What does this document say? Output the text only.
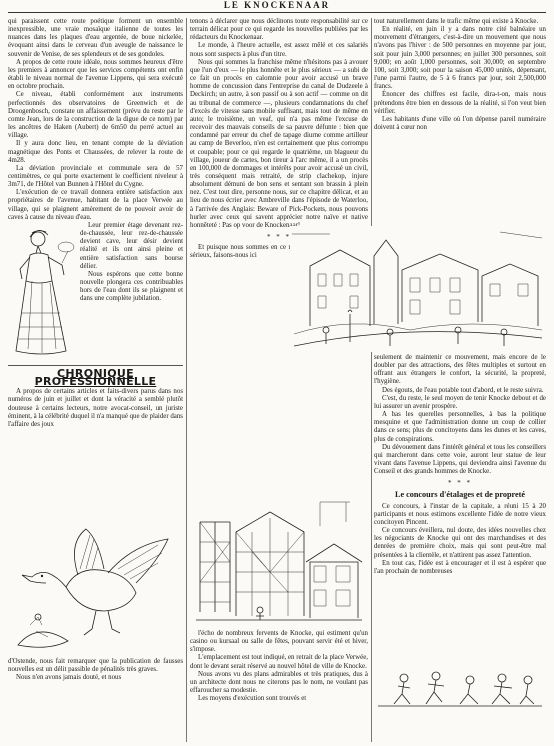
LE KNOCKENAAR

qui paraissent cette route poétique forment un ensemble inexpressible, une vraie mosaïque italienne de toutes les nuances dans les plaques d'eau argentée, de boue nickelée, évoquant ainsi dans le cerveau d'un aveugle de naissance le souvenir de Venise, de ses splendeurs et de ses gondoles.

A propos de cette route idéale, nous sommes heureux d'être les premiers à annoncer que les services compétents ont enfin établi le niveau normal de l'avenue Lippens, qui sera exécuté en octobre prochain.

Ce niveau, établi conformément aux instruments perfectionnés des observatoires de Greenwich et de Droogenbosch, constate un affaissement (prévu du reste par le comte Jean, lors de la construction de la digue de ce nom) par les ancêtres de Haken (Aubert) de 6m50 du perré actuel au village.

Il y aura donc lieu, en tenant compte de la déviation magnétique des Ponts et Chaussées, de relever la route de 4m28.

La déviation provinciale et communale sera de 57 centimètres, ce qui porte exactement le coefficient niveleur à 3m71, de l'Hôtel van Bunnen à l'Hôtel du Cygne.

L'exécution de ce travail donnera entière satisfaction aux propriétaires de l'avenue, habitant de la place Verwée au village, qui se plaignent amèrement de ne pouvoir avoir de caves à cause du niveau d'eau.

Leur premier étage devenant rez-de-chaussée, leur rez-de-chaussée devient cave, leur désir devient réalité et ils ont ainsi pleine et entière satisfaction sans bourse délier.

Nous espérons que cette bonne nouvelle plongera ces contribuables hors de l'eau dont ils se plaignent et dans une complète jubilation.

CHRONIQUE PROFESSIONNELLE

A propos de certains articles et faits-divers parus dans nos numéros de juin et juillet et dont la véracité a semblé plutôt douteuse à certains lecteurs, notre avocat-conseil, un juriste éminent, à la célébrité duquel il n'a manqué que de plaider dans l'affaire des joux

d'Ostende, nous fait remarquer que la publication de fausses nouvelles est un délit passible de pénalités très graves.

Nous n'en avons jamais douté, et nous

tenons à déclarer que nous déclinons toute responsabilité sur ce terrain délicat pour ce qui regarde les nouvelles publiées par les rédacteurs du Knockenaar.

Le monde, à l'heure actuelle, est assez mêlé et ces salariés nous sont suspects à plus d'un titre.

Nous qui sommes la franchise même n'hésitons pas à avouer que l'un d'eux — le plus honnête et le plus sérieux — a subi de ce fait un procès en calomnie pour avoir accusé un brave homme de concussion dans l'entreprise du canal de Dudzeele à Deckirch; un autre, à son passif ou à son actif — comme on dit au tribunal de commerce —, plusieurs condamnations du chef d'excès de vitesse sans mobile suffisant, mais tout de même en auto; le troisième, un veaf, qui n'a pas même l'excuse de recevoir des mauvais conseils de sa pauvre défunte : bien que condamné par erreur du chef de tapage diurne comme artilleur au camp de Beverloo, n'en est certainement que plus corrompu et coupable; pour ce qui regarde le quatrième, un blagueur du village, joueur de cartes, bon tireur à l'arc même, il a un procès en 100,000 de dommages et intérêts pour avoir accusé un civil, très conséquent mais retraité, de strip clachekop, injure absolument démuni de bon sens et sentant son brassin à plein nez. C'est tout dire, personne nous, sur ce chapitre délicat, et au lieu de nous écrier avec Ambreville dans l'épisode de Waterloo, à l'arrivée des Anglais: Beware of Pick-Pockets, nous pouvons hurler avec ceux qui savent apprécier notre naïve et native honnêteté : Pas op voor de Knockenaar!

* * *

Et puisque nous sommes en ce moment sur un terrain aussi sérieux, faisons-nous ici

l'écho de nombreux fervents de Knocke, qui estiment qu'un casino ou kursaal ou salle de fêtes, pouvant servir été et hiver, s'impose.

L'emplacement est tout indiqué, en retrait de la place Verwée, dont le devant serait réservé au nouvel hôtel de ville de Knocke.

Nous avons vu des plans admirables et très pratiques, dus à un architecte dont nous ne citerons pas le nom, ne voulant pas effaroucher sa modestie.

Les moyens d'exécution sont trouvés et

tout naturellement dans le trafic même qui existe à Knocke.

En réalité, en juin il y a dans notre cité balnéaire un mouvement d'étrangers, c'est-à-dire un mouvement que nous n'avons pas l'hiver : de 500 personnes en moyenne par jour, soit pour juin 3,000 personnes; en juillet 300 personnes, soit 9,000; en août 1,000 personnes, soit 30,000; en septembre 100, soit 3,000; soit pour la saison 45,000 unités, dépensant, l'une parmi l'autre, de 5 à 6 francs par jour, soit 2,500,000 francs.

Énoncer des chiffres est facile, dira-t-on, mais nous prétendons être bien en dessous de la réalité, si l'on veut bien vérifier.

Les habitants d'une ville où l'on dépense pareil numéraire doivent à cœur non

seulement de maintenir ce mouvement, mais encore de le doubler par des attractions, des fêtes multiples et surtout en offrant aux étrangers le confort, la sécurité, la propreté, l'hygiène.

Des égouts, de l'eau potable tout d'abord, et le reste suivra.

C'est, du reste, le seul moyen de tenir Knocke debout et de lui assurer un avenir prospère.

A bas les querelles personnelles, à bas la politique mesquine et que l'administration donne un coup de collier dans ce sens; plus de concitoyens dans les dunes et les caves, plus de conspirations.

Du dévouement dans l'intérêt général et tous les conseillers qui marcheront dans cette voie, auront leur statue de leur vivant dans l'avenue Lippens, qui deviendra ainsi l'avenue du Conseil et des grands hommes de Knocke.

* * *
Le concours d'étalages et de propreté

Ce concours, à l'instar de la capitale, a réuni 15 à 20 participants et nous estimons excellente l'idée de notre vieux concitoyen Pincent.

Ce concours éveillera, nul doute, des idées nouvelles chez les négociants de Knocke qui ont des marchandises et des denrées de première choix, mais qui sont peut-être mal présentées à la clientèle, et n'attirent pas assez l'attention.

En tout cas, l'idée est à encourager et il est à espérer que l'an prochain de nombreuses
